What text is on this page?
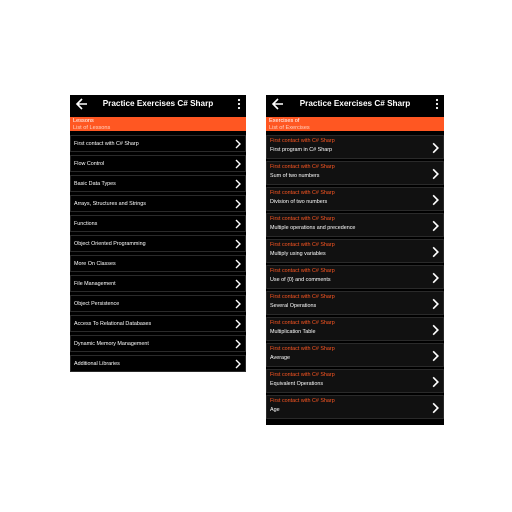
Practice Exercises C# Sharp
Lessons
List of Lessons
First contact with C# Sharp
Flow Control
Basic Data Types
Arrays, Structures and Strings
Functions
Object Oriented Programming
More On Classes
File Management
Object Persistence
Access To Relational Databases
Dynamic Memory Management
Additional Libraries
Practice Exercises C# Sharp
Exercises of
List of Exercises
First contact with C# Sharp
First program in C# Sharp
First contact with C# Sharp
Sum of two numbers
First contact with C# Sharp
Division of two numbers
First contact with C# Sharp
Multiple operations and precedence
First contact with C# Sharp
Multiply using variables
First contact with C# Sharp
Use of {0} and comments
First contact with C# Sharp
Several Operations
First contact with C# Sharp
Multiplication Table
First contact with C# Sharp
Average
First contact with C# Sharp
Equivalent Operations
First contact with C# Sharp
Age
